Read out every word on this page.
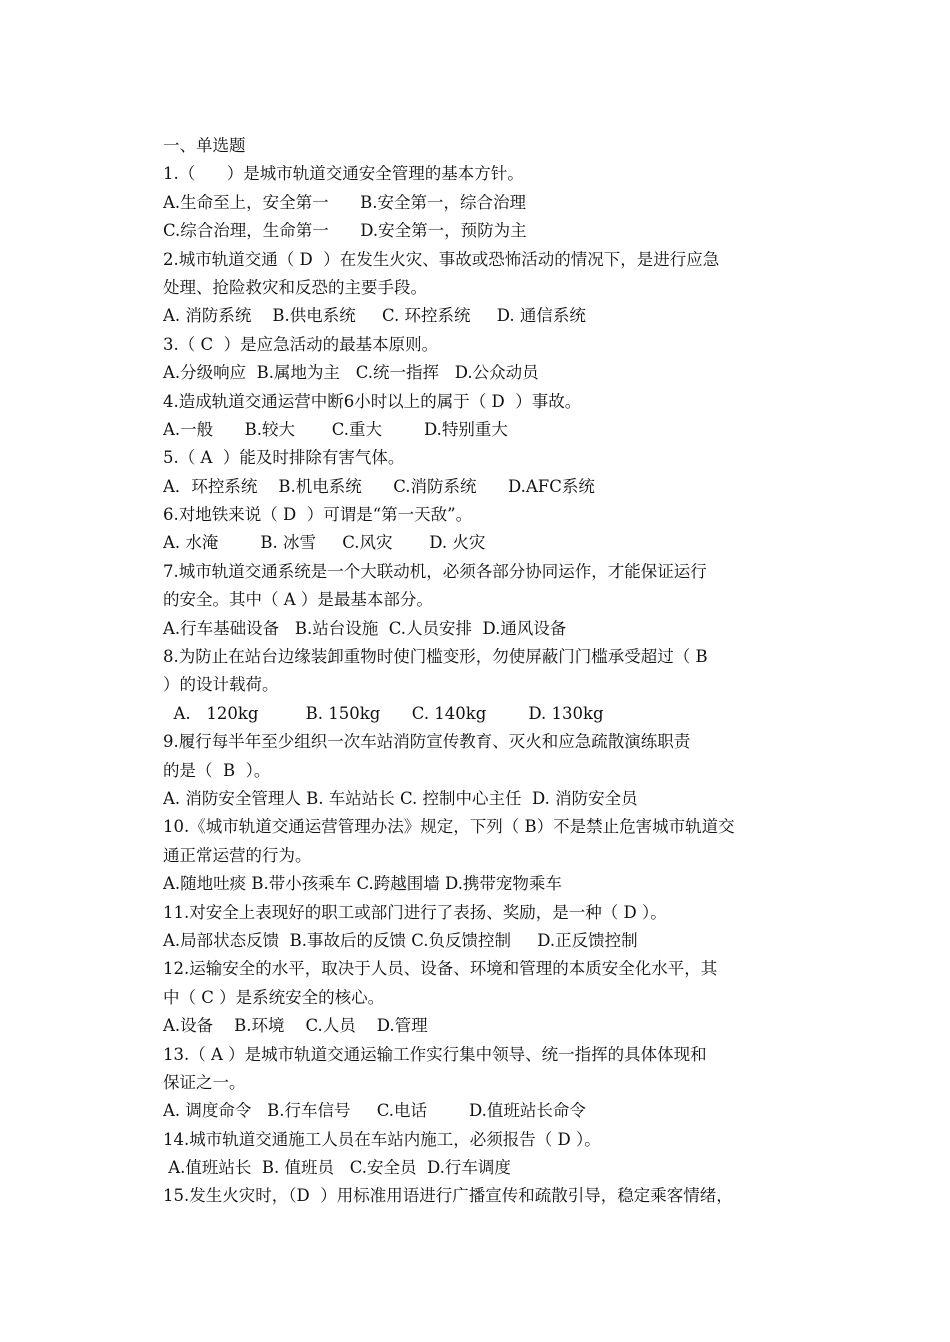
一、单选题
1.（      ）是城市轨道交通安全管理的基本方针。
A.生命至上，安全第一      B.安全第一，综合治理
C.综合治理，生命第一      D.安全第一，预防为主
2.城市轨道交通（ D  ）在发生火灾、事故或恐怖活动的情况下，是进行应急
处理、抢险救灾和反恐的主要手段。
A. 消防系统    B.供电系统     C. 环控系统     D. 通信系统
3.（ C  ）是应急活动的最基本原则。
A.分级响应  B.属地为主   C.统一指挥   D.公众动员
4.造成轨道交通运营中断6小时以上的属于（ D  ）事故。
A.一般      B.较大       C.重大        D.特别重大
5.（ A  ）能及时排除有害气体。
A．环控系统    B.机电系统      C.消防系统      D.AFC系统
6.对地铁来说（ D  ）可谓是“第一天敌”。
A. 水淹        B. 冰雪     C.风灾       D. 火灾
7.城市轨道交通系统是一个大联动机，必须各部分协同运作，才能保证运行
的安全。其中（ A ）是最基本部分。
A.行车基础设备   B.站台设施  C.人员安排  D.通风设备
8.为防止在站台边缘装卸重物时使门槛变形，勿使屏蔽门门槛承受超过（ B
）的设计载荷。
A.   120kg         B. 150kg      C. 140kg        D. 130kg
9.履行每半年至少组织一次车站消防宣传教育、灭火和应急疏散演练职责
的是（  B  ）。
A. 消防安全管理人 B. 车站站长 C. 控制中心主任  D. 消防安全员
10.《城市轨道交通运营管理办法》规定，下列（ B）不是禁止危害城市轨道交
通正常运营的行为。
A.随地吐痰 B.带小孩乘车 C.跨越围墙 D.携带宠物乘车
11.对安全上表现好的职工或部门进行了表扬、奖励，是一种（ D ）。
A.局部状态反馈  B.事故后的反馈 C.负反馈控制     D.正反馈控制
12.运输安全的水平，取决于人员、设备、环境和管理的本质安全化水平，其
中（ C ）是系统安全的核心。
A.设备    B.环境    C.人员    D.管理
13.（ A ）是城市轨道交通运输工作实行集中领导、统一指挥的具体体现和
保证之一。
A. 调度命令   B.行车信号     C.电话        D.值班站长命令
14.城市轨道交通施工人员在车站内施工，必须报告（ D ）。
A.值班站长  B. 值班员   C.安全员  D.行车调度
15.发生火灾时，（D  ）用标准用语进行广播宣传和疏散引导，稳定乘客情绪，
